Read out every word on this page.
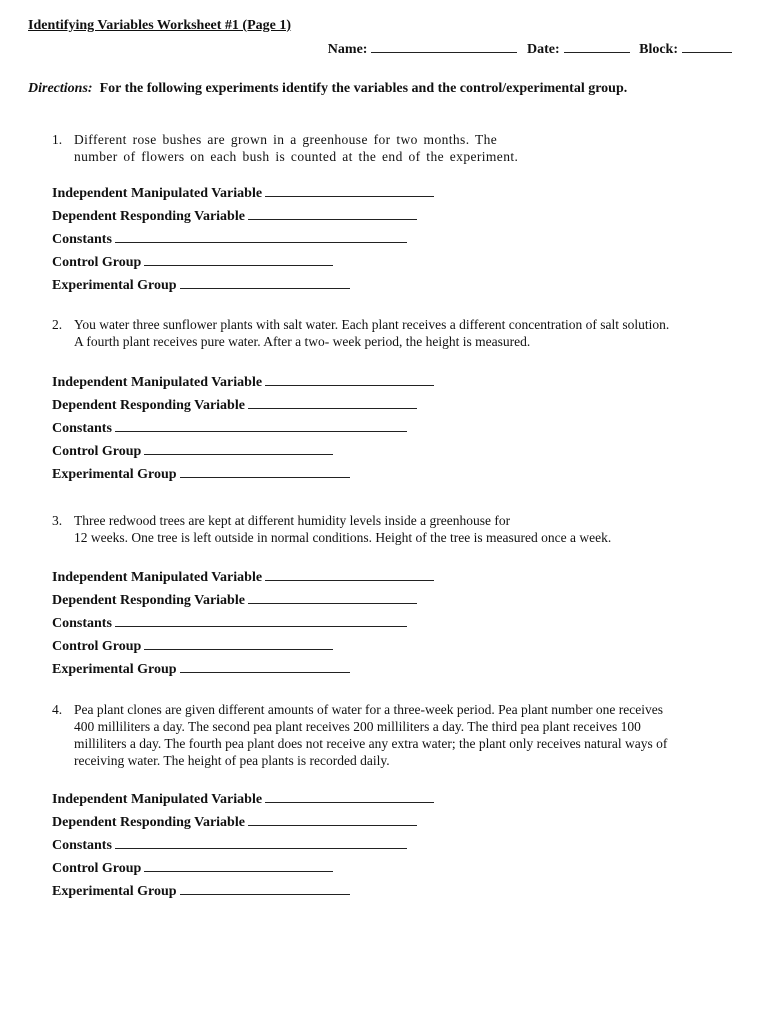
Identifying Variables Worksheet #1 (Page 1)
Name:	Date:	Block:
Directions: For the following experiments identify the variables and the control/experimental group.
1. Different rose bushes are grown in a greenhouse for two months. The
number of flowers on each bush is counted at the end of the experiment.
Independent Manipulated Variable
Dependent Responding Variable
Constants
Control Group
Experimental Group
2. You water three sunflower plants with salt water. Each plant receives a different concentration of salt solution.
A fourth plant receives pure water. After a two- week period, the height is measured.
Independent Manipulated Variable
Dependent Responding Variable
Constants
Control Group
Experimental Group
3. Three redwood trees are kept at different humidity levels inside a greenhouse for
12 weeks. One tree is left outside in normal conditions. Height of the tree is measured once a week.
Independent Manipulated Variable
Dependent Responding Variable
Constants
Control Group
Experimental Group
4. Pea plant clones are given different amounts of water for a three-week period. Pea plant number one receives
400 milliliters a day. The second pea plant receives 200 milliliters a day. The third pea plant receives 100
milliliters a day. The fourth pea plant does not receive any extra water; the plant only receives natural ways of
receiving water. The height of pea plants is recorded daily.
Independent Manipulated Variable
Dependent Responding Variable
Constants
Control Group
Experimental Group
